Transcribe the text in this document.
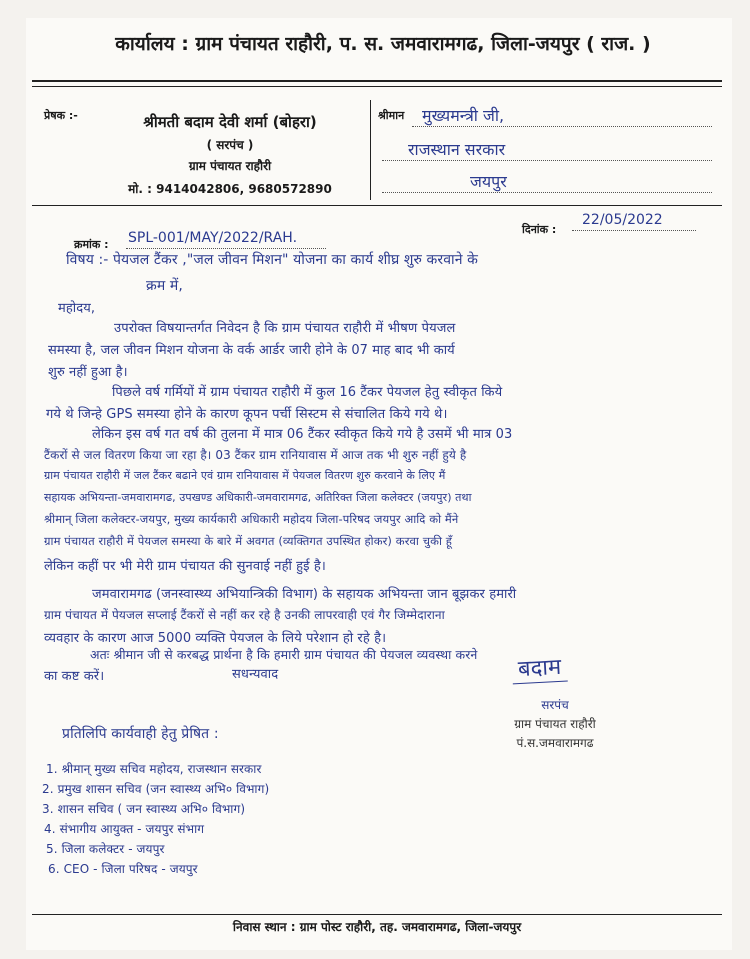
कार्यालय : ग्राम पंचायत राहौरी, प. स. जमवारामगढ, जिला-जयपुर ( राज. )
प्रेषक :-	श्रीमती बदाम देवी शर्मा (बोहरा)
( सरपंच )
ग्राम पंचायत राहौरी
मो. : 9414042806, 9680572890
श्रीमान मुख्यमन्त्री जी,
राजस्थान सरकार
जयपुर
क्रमांक : SPL-001/MAY/2022/RAH.
दिनांक :
22/05/2022
विषय :- पेयजल टैंकर ,"जल जीवन मिशन" योजना का कार्य शीघ्र शुरु करवाने के
क्रम में,
महोदय,
उपरोक्त विषयान्तर्गत निवेदन है कि ग्राम पंचायत राहौरी में भीषण पेयजल
समस्या है, जल जीवन मिशन योजना के वर्क आर्डर जारी होने के 07 माह बाद भी कार्य
शुरु नहीं हुआ है।
पिछले वर्ष गर्मियों में ग्राम पंचायत राहौरी में कुल 16 टैंकर पेयजल हेतु स्वीकृत किये
गये थे जिन्हे GPS समस्या होने के कारण कूपन पर्ची सिस्टम से संचालित किये गये थे।
लेकिन इस वर्ष गत वर्ष की तुलना में मात्र 06 टैंकर स्वीकृत किये गये है उसमें भी मात्र 03
टैंकरों से जल वितरण किया जा रहा है। 03 टैंकर ग्राम रानियावास में आज तक भी शुरु नहीं हुये है
ग्राम पंचायत राहौरी में जल टैंकर बढाने एवं ग्राम रानियावास में पेयजल वितरण शुरु करवाने के लिए मैं
सहायक अभियन्ता-जमवारामगढ, उपखण्ड अधिकारी-जमवारामगढ, अतिरिक्त जिला कलेक्टर (जयपुर) तथा
श्रीमान् जिला कलेक्टर-जयपुर, मुख्य कार्यकारी अधिकारी महोदय जिला-परिषद जयपुर आदि को मैंने
ग्राम पंचायत राहौरी में पेयजल समस्या के बारे में अवगत (व्यक्तिगत उपस्थित होकर) करवा चुकी हूँ
लेकिन कहीं पर भी मेरी ग्राम पंचायत की सुनवाई नहीं हुई है।
जमवारामगढ (जनस्वास्थ्य अभियान्त्रिकी विभाग) के सहायक अभियन्ता जान बूझकर हमारी
ग्राम पंचायत में पेयजल सप्लाई टैंकरों से नहीं कर रहे है उनकी लापरवाही एवं गैर जिम्मेदाराना
व्यवहार के कारण आज 5000 व्यक्ति पेयजल के लिये परेशान हो रहे है।
अतः श्रीमान जी से करबद्ध प्रार्थना है कि हमारी ग्राम पंचायत की पेयजल व्यवस्था करने
का कष्ट करें।	सधन्यवाद	बदाम
सरपंच
ग्राम पंचायत राहौरी
पं.स.जमवारामगढ
प्रतिलिपि कार्यवाही हेतु प्रेषित :
1. श्रीमान् मुख्य सचिव महोदय, राजस्थान सरकार
2. प्रमुख शासन सचिव (जन स्वास्थ्य अभि० विभाग)
3. शासन सचिव ( जन स्वास्थ्य अभि० विभाग)
4. संभागीय आयुक्त - जयपुर संभाग
5. जिला कलेक्टर - जयपुर
6. CEO - जिला परिषद - जयपुर
निवास स्थान : ग्राम पोस्ट राहौरी, तह. जमवारामगढ, जिला-जयपुर
